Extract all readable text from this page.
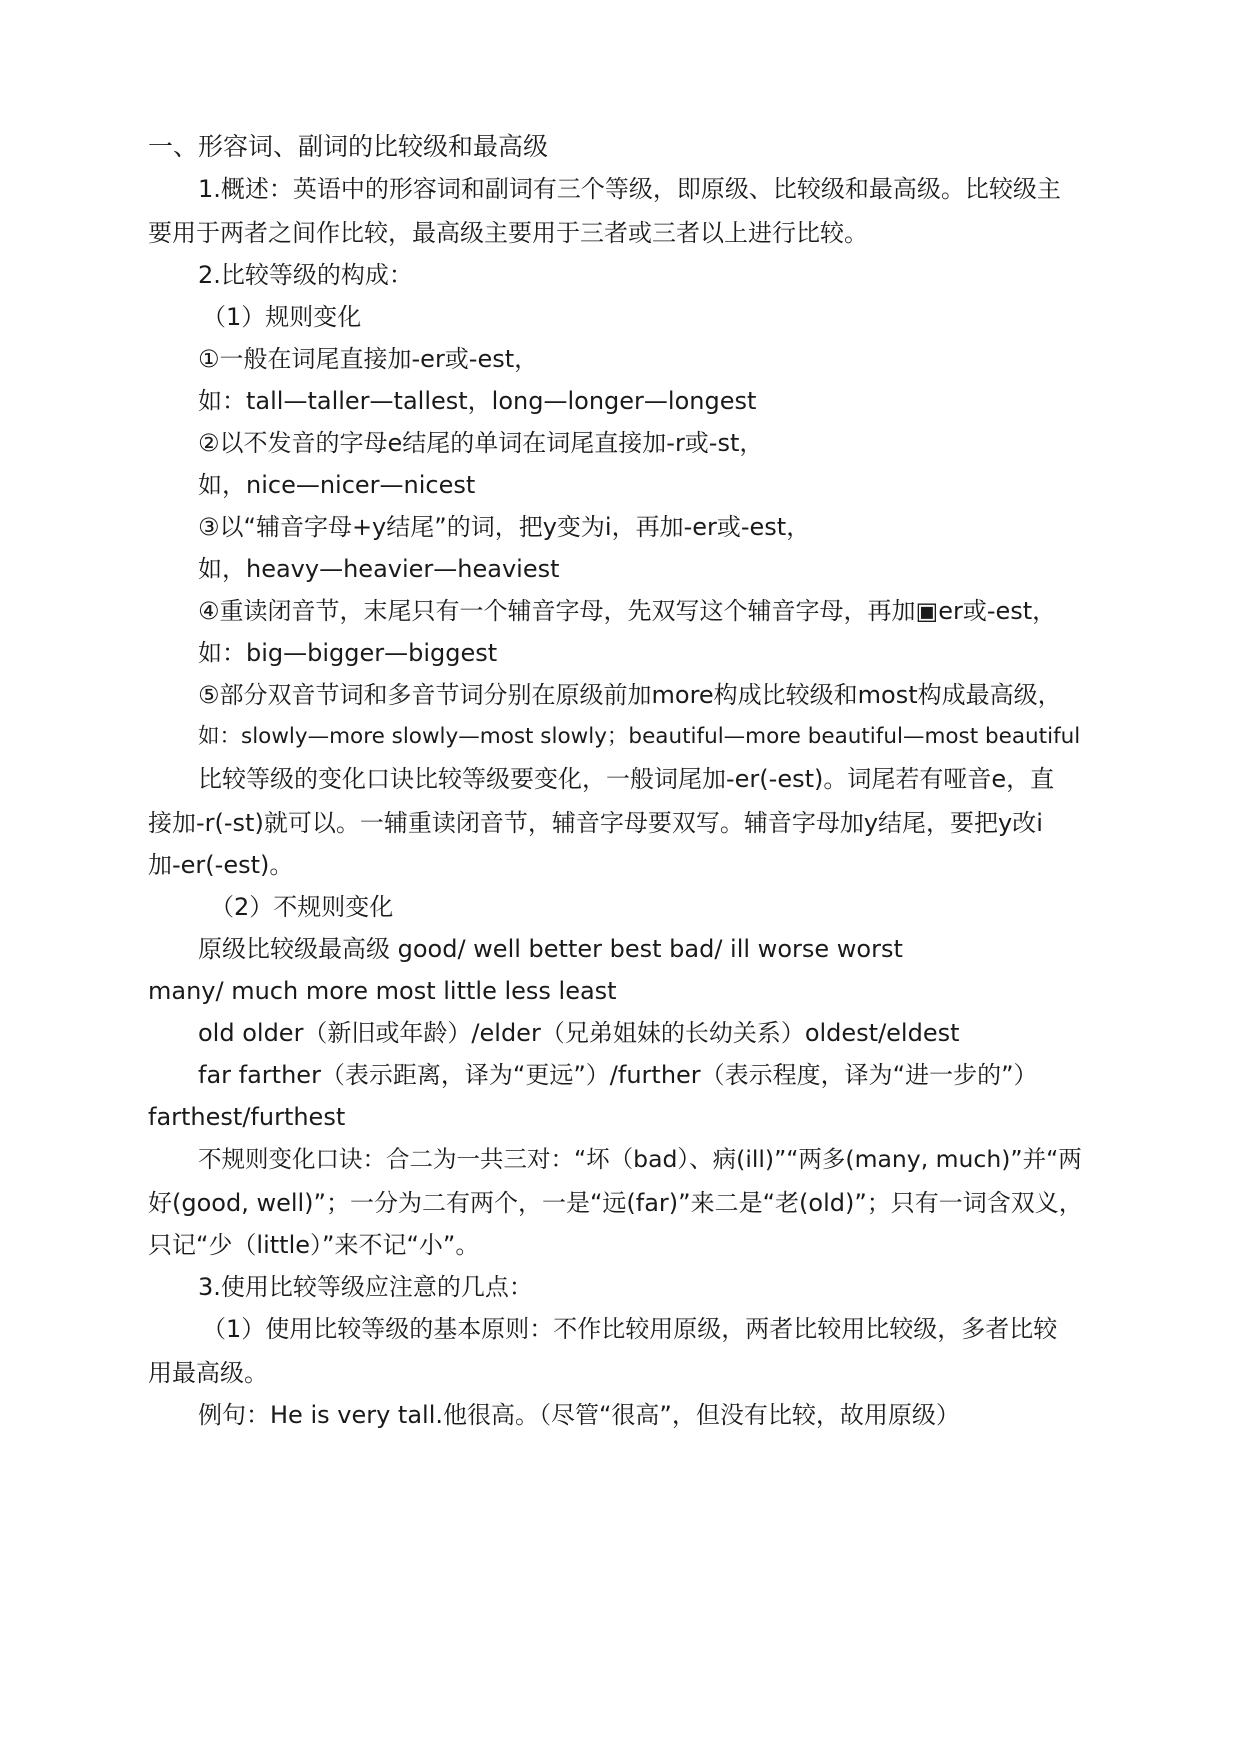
一、形容词、副词的比较级和最高级
1.概述：英语中的形容词和副词有三个等级，即原级、比较级和最高级。比较级主
要用于两者之间作比较，最高级主要用于三者或三者以上进行比较。
2.比较等级的构成：
（1）规则变化
①一般在词尾直接加-er或-est，
如：tall—taller—tallest，long—longer—longest
②以不发音的字母e结尾的单词在词尾直接加-r或-st，
如，nice—nicer—nicest
③以“辅音字母+y结尾”的词，把y变为i，再加-er或-est，
如，heavy—heavier—heaviest
④重读闭音节，末尾只有一个辅音字母，先双写这个辅音字母，再加▣er或-est，
如：big—bigger—biggest
⑤部分双音节词和多音节词分别在原级前加more构成比较级和most构成最高级，
如：slowly—more slowly—most slowly；beautiful—more beautiful—most beautiful
比较等级的变化口诀比较等级要变化，一般词尾加-er(-est)。词尾若有哑音e，直
接加-r(-st)就可以。一辅重读闭音节，辅音字母要双写。辅音字母加y结尾，要把y改i
加-er(-est)。
（2）不规则变化
原级比较级最高级 good/ well better best bad/ ill worse worst
many/ much more most little less least
old older（新旧或年龄）/elder（兄弟姐妹的长幼关系）oldest/eldest
far farther（表示距离，译为“更远”）/further（表示程度，译为“进一步的”）
farthest/furthest
不规则变化口诀：合二为一共三对：“坏（bad）、病(ill)”“两多(many, much)”并“两
好(good, well)”；一分为二有两个，一是“远(far)”来二是“老(old)”；只有一词含双义，
只记“少（little）”来不记“小”。
3.使用比较等级应注意的几点：
（1）使用比较等级的基本原则：不作比较用原级，两者比较用比较级，多者比较
用最高级。
例句：He is very tall.他很高。（尽管“很高”，但没有比较，故用原级）
